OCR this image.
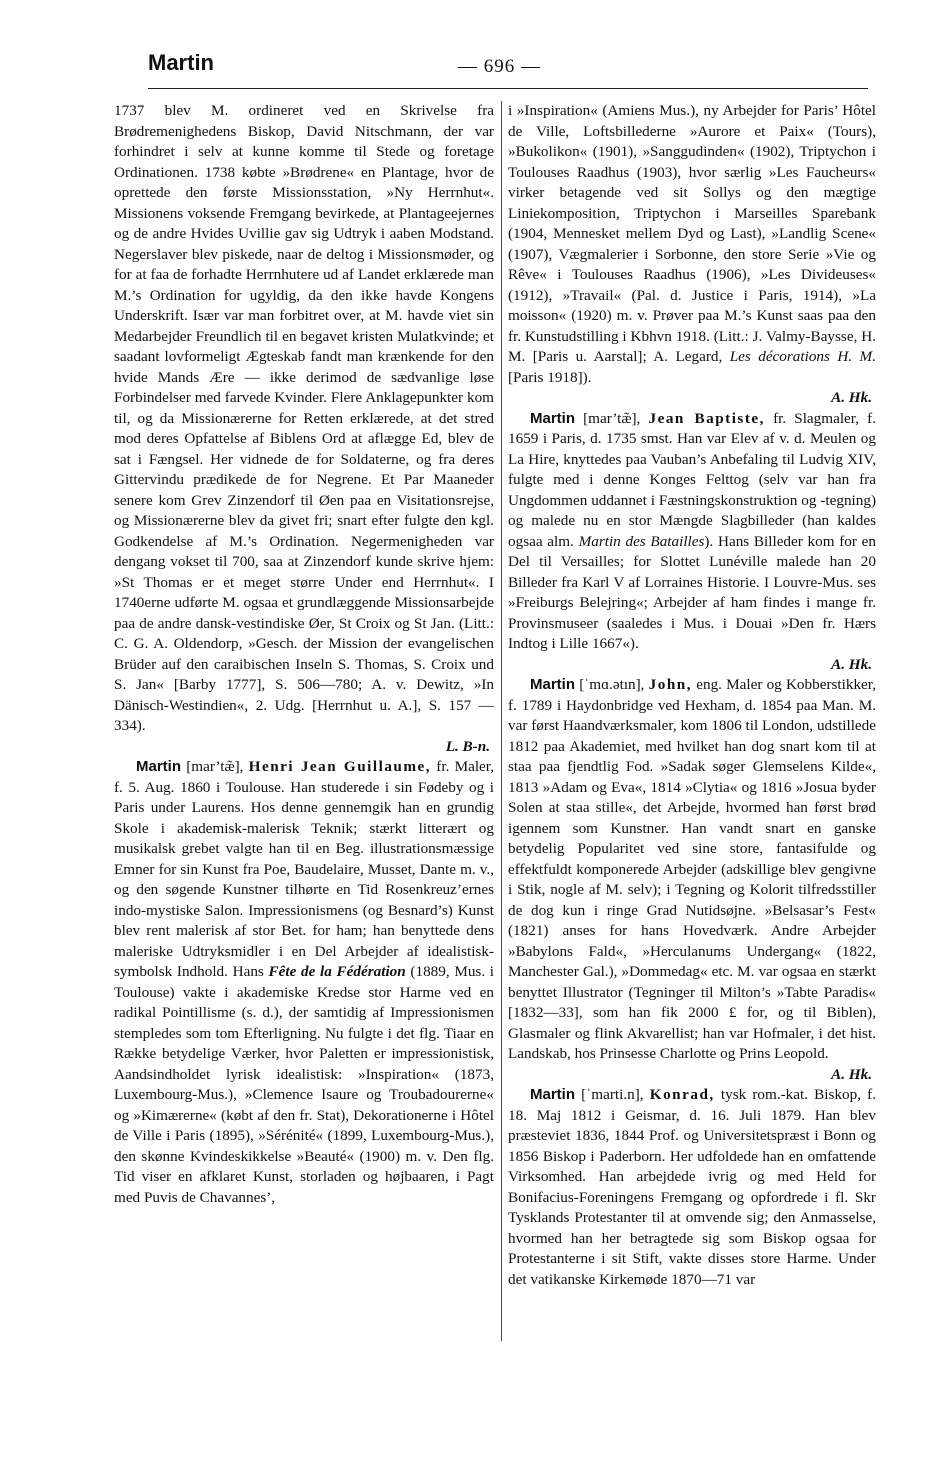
Martin	— 696 —

1737 blev M. ordineret ved en Skrivelse fra Brødremenighedens Biskop, David Nitschmann, der var forhindret i selv at kunne komme til Stede og foretage Ordinationen. 1738 købte »Brødrene« en Plantage, hvor de oprettede den første Missionsstation, »Ny Herrnhut«. Missionens voksende Fremgang bevirkede, at Plantageejernes og de andre Hvides Uvillie gav sig Udtryk i aaben Modstand. Negerslaver blev piskede, naar de deltog i Missionsmøder, og for at faa de forhadte Herrnhutere ud af Landet erklærede man M.’s Ordination for ugyldig, da den ikke havde Kongens Underskrift. Især var man forbitret over, at M. havde viet sin Medarbejder Freundlich til en begavet kristen Mulatkvinde; et saadant lovformeligt Ægteskab fandt man krænkende for den hvide Mands Ære — ikke derimod de sædvanlige løse Forbindelser med farvede Kvinder. Flere Anklagepunkter kom til, og da Missionærerne for Retten erklærede, at det stred mod deres Opfattelse af Biblens Ord at aflægge Ed, blev de sat i Fængsel. Her vidnede de for Soldaterne, og fra deres Gittervindu prædikede de for Negrene. Et Par Maaneder senere kom Grev Zinzendorf til Øen paa en Visitationsrejse, og Missionærerne blev da givet fri; snart efter fulgte den kgl. Godkendelse af M.’s Ordination. Negermenigheden var dengang vokset til 700, saa at Zinzendorf kunde skrive hjem: »St Thomas er et meget større Under end Herrnhut«. I 1740erne udførte M. ogsaa et grundlæggende Missionsarbejde paa de andre dansk-vestindiske Øer, St Croix og St Jan. (Litt.: C. G. A. Oldendorp, »Gesch. der Mission der evangelischen Brüder auf den caraibischen Inseln S. Thomas, S. Croix und S. Jan« [Barby 1777], S. 506—780; A. v. Dewitz, »In Dänisch-Westindien«, 2. Udg. [Herrnhut u. A.], S. 157 —334).
L. B-n.

Martin [mar’tæ̃], Henri Jean Guillaume, fr. Maler, f. 5. Aug. 1860 i Toulouse. Han studerede i sin Fødeby og i Paris under Laurens. Hos denne gennemgik han en grundig Skole i akademisk-malerisk Teknik; stærkt litterært og musikalsk grebet valgte han til en Beg. illustrationsmæssige Emner for sin Kunst fra Poe, Baudelaire, Musset, Dante m. v., og den søgende Kunstner tilhørte en Tid Rosenkreuz’ernes indo-mystiske Salon. Impressionismens (og Besnard’s) Kunst blev rent malerisk af stor Bet. for ham; han benyttede dens maleriske Udtryksmidler i en Del Arbejder af idealistisk-symbolsk Indhold. Hans Fête de la Fédération (1889, Mus. i Toulouse) vakte i akademiske Kredse stor Harme ved en radikal Pointillisme (s. d.), der samtidig af Impressionismen stempledes som tom Efterligning. Nu fulgte i det flg. Tiaar en Række betydelige Værker, hvor Paletten er impressionistisk, Aandsindholdet lyrisk idealistisk: »Inspiration« (1873, Luxembourg-Mus.), »Clemence Isaure og Troubadourerne« og »Kimærerne« (købt af den fr. Stat), Dekorationerne i Hôtel de Ville i Paris (1895), »Sérénité« (1899, Luxembourg-Mus.), den skønne Kvindeskikkelse »Beauté« (1900) m. v. Den flg. Tid viser en afklaret Kunst, storladen og højbaaren, i Pagt med Puvis de Chavannes’,

i »Inspiration« (Amiens Mus.), ny Arbejder for Paris’ Hôtel de Ville, Loftsbillederne »Aurore et Paix« (Tours), »Bukolikon« (1901), »Sanggudinden« (1902), Triptychon i Toulouses Raadhus (1903), hvor særlig »Les Faucheurs« virker betagende ved sit Sollys og den mægtige Liniekomposition, Triptychon i Marseilles Sparebank (1904, Mennesket mellem Dyd og Last), »Landlig Scene« (1907), Vægmalerier i Sorbonne, den store Serie »Vie og Rêve« i Toulouses Raadhus (1906), »Les Divideuses« (1912), »Travail« (Pal. d. Justice i Paris, 1914), »La moisson« (1920) m. v. Prøver paa M.’s Kunst saas paa den fr. Kunstudstilling i Kbhvn 1918. (Litt.: J. Valmy-Baysse, H. M. [Paris u. Aarstal]; A. Legard, Les décorations H. M. [Paris 1918]).
A. Hk.

Martin [mar’tæ̃], Jean Baptiste, fr. Slagmaler, f. 1659 i Paris, d. 1735 smst. Han var Elev af v. d. Meulen og La Hire, knyttedes paa Vauban’s Anbefaling til Ludvig XIV, fulgte med i denne Konges Felttog (selv var han fra Ungdommen uddannet i Fæstningskonstruktion og -tegning) og malede nu en stor Mængde Slagbilleder (han kaldes ogsaa alm. Martin des Batailles). Hans Billeder kom for en Del til Versailles; for Slottet Lunéville malede han 20 Billeder fra Karl V af Lorraines Historie. I Louvre-Mus. ses »Freiburgs Belejring«; Arbejder af ham findes i mange fr. Provinsmuseer (saaledes i Mus. i Douai »Den fr. Hærs Indtog i Lille 1667«).
A. Hk.

Martin [ˈmɑ.ətın], John, eng. Maler og Kobberstikker, f. 1789 i Haydonbridge ved Hexham, d. 1854 paa Man. M. var først Haandværksmaler, kom 1806 til London, udstillede 1812 paa Akademiet, med hvilket han dog snart kom til at staa paa fjendtlig Fod. »Sadak søger Glemselens Kilde«, 1813 »Adam og Eva«, 1814 »Clytia« og 1816 »Josua byder Solen at staa stille«, det Arbejde, hvormed han først brød igennem som Kunstner. Han vandt snart en ganske betydelig Popularitet ved sine store, fantasifulde og effektfuldt komponerede Arbejder (adskillige blev gengivne i Stik, nogle af M. selv); i Tegning og Kolorit tilfredsstiller de dog kun i ringe Grad Nutidsøjne. »Belsasar’s Fest« (1821) anses for hans Hovedværk. Andre Arbejder »Babylons Fald«, »Herculanums Undergang« (1822, Manchester Gal.), »Dommedag« etc. M. var ogsaa en stærkt benyttet Illustrator (Tegninger til Milton’s »Tabte Paradis« [1832—33], som han fik 2000 £ for, og til Biblen), Glasmaler og flink Akvarellist; han var Hofmaler, i det hist. Landskab, hos Prinsesse Charlotte og Prins Leopold.
A. Hk.

Martin [ˈmarti.n], Konrad, tysk rom.-kat. Biskop, f. 18. Maj 1812 i Geismar, d. 16. Juli 1879. Han blev præsteviet 1836, 1844 Prof. og Universitetspræst i Bonn og 1856 Biskop i Paderborn. Her udfoldede han en omfattende Virksomhed. Han arbejdede ivrig og med Held for Bonifacius-Foreningens Fremgang og opfordrede i fl. Skr Tysklands Protestanter til at omvende sig; den Anmasselse, hvormed han her betragtede sig som Biskop ogsaa for Protestanterne i sit Stift, vakte disses store Harme. Under det vatikanske Kirkemøde 1870—71 var
